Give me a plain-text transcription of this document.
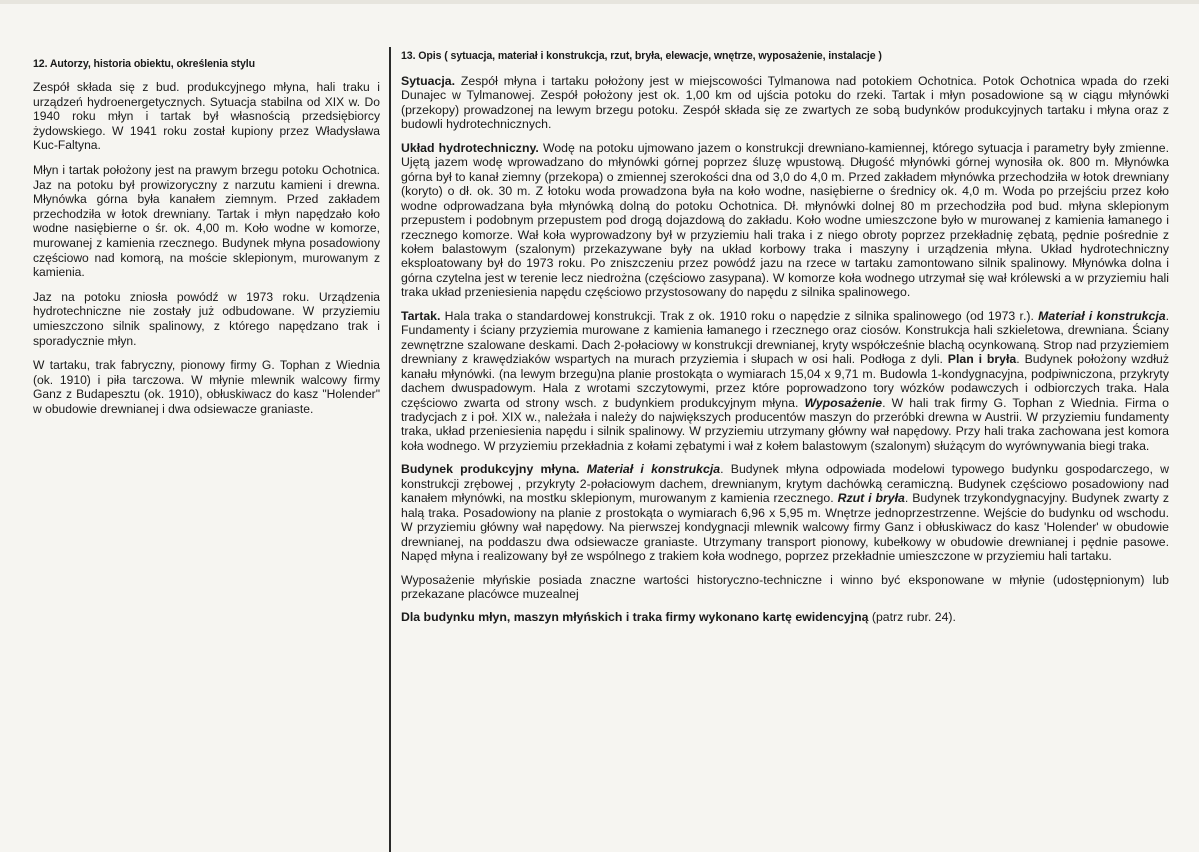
12. Autorzy, historia obiektu, określenia stylu

Zespół składa się z bud. produkcyjnego młyna, hali traku i urządzeń hydroenergetycznych. Sytuacja stabilna od XIX w. Do 1940 roku młyn i tartak był własnością przedsiębiorcy żydowskiego. W 1941 roku został kupiony przez Władysława Kuc-Faltyna.

Młyn i tartak położony jest na prawym brzegu potoku Ochotnica. Jaz na potoku był prowizoryczny z narzutu kamieni i drewna. Młynówka górna była kanałem ziemnym. Przed zakładem przechodziła w łotok drewniany. Tartak i młyn napędzało koło wodne nasiębierne o śr. ok. 4,00 m. Koło wodne w komorze, murowanej z kamienia rzecznego. Budynek młyna posadowiony częściowo nad komorą, na moście sklepionym, murowanym z kamienia.

Jaz na potoku zniosła powódź w 1973 roku. Urządzenia hydrotechniczne nie zostały już odbudowane. W przyziemiu umieszczono silnik spalinowy, z którego napędzano trak i sporadycznie młyn.

W tartaku, trak fabryczny, pionowy firmy G. Tophan z Wiednia (ok. 1910) i piła tarczowa. W młynie mlewnik walcowy firmy Ganz z Budapesztu (ok. 1910), obłuskiwacz do kasz "Holender" w obudowie drewnianej i dwa odsiewacze graniaste.

13. Opis ( sytuacja, materiał i konstrukcja, rzut, bryła, elewacje, wnętrze, wyposażenie, instalacje )

Sytuacja. Zespół młyna i tartaku położony jest w miejscowości Tylmanowa nad potokiem Ochotnica. Potok Ochotnica wpada do rzeki Dunajec w Tylmanowej. Zespół położony jest ok. 1,00 km od ujścia potoku do rzeki. Tartak i młyn posadowione są w ciągu młynówki (przekopy) prowadzonej na lewym brzegu potoku. Zespół składa się ze zwartych ze sobą budynków produkcyjnych tartaku i młyna oraz z budowli hydrotechnicznych.

Układ hydrotechniczny. Wodę na potoku ujmowano jazem o konstrukcji drewniano-kamiennej, którego sytuacja i parametry były zmienne. Ujętą jazem wodę wprowadzano do młynówki górnej poprzez śluzę wpustową. Długość młynówki górnej wynosiła ok. 800 m. Młynówka górna był to kanał ziemny (przekopa) o zmiennej szerokości dna od 3,0 do 4,0 m. Przed zakładem młynówka przechodziła w łotok drewniany (koryto) o dł. ok. 30 m. Z łotoku woda prowadzona była na koło wodne, nasiębierne o średnicy ok. 4,0 m. Woda po przejściu przez koło wodne odprowadzana była młynówką dolną do potoku Ochotnica. Dł. młynówki dolnej 80 m przechodziła pod bud. młyna sklepionym przepustem i podobnym przepustem pod drogą dojazdową do zakładu. Koło wodne umieszczone było w murowanej z kamienia łamanego i rzecznego komorze. Wał koła wyprowadzony był w przyziemiu hali traka i z niego obroty poprzez przekładnię zębatą, pędnie pośrednie z kołem balastowym (szalonym) przekazywane były na układ korbowy traka i maszyny i urządzenia młyna. Układ hydrotechniczny eksploatowany był do 1973 roku. Po zniszczeniu przez powódź jazu na rzece w tartaku zamontowano silnik spalinowy. Młynówka dolna i górna czytelna jest w terenie lecz niedrożna (częściowo zasypana). W komorze koła wodnego utrzymał się wał królewski a w przyziemiu hali traka układ przeniesienia napędu częściowo przystosowany do napędu z silnika spalinowego.

Tartak. Hala traka o standardowej konstrukcji. Trak z ok. 1910 roku o napędzie z silnika spalinowego (od 1973 r.). Materiał i konstrukcja. Fundamenty i ściany przyziemia murowane z kamienia łamanego i rzecznego oraz ciosów. Konstrukcja hali szkieletowa, drewniana. Ściany zewnętrzne szalowane deskami. Dach 2-połaciowy w konstrukcji drewnianej, kryty współcześnie blachą ocynkowaną. Strop nad przyziemiem drewniany z krawędziaków wspartych na murach przyziemia i słupach w osi hali. Podłoga z dyli. Plan i bryła. Budynek położony wzdłuż kanału młynówki. (na lewym brzegu)na planie prostokąta o wymiarach 15,04 x 9,71 m. Budowla 1-kondygnacyjna, podpiwniczona, przykryty dachem dwuspadowym. Hala z wrotami szczytowymi, przez które poprowadzono tory wózków podawczych i odbiorczych traka. Hala częściowo zwarta od strony wsch. z budynkiem produkcyjnym młyna. Wyposażenie. W hali trak firmy G. Tophan z Wiednia. Firma o tradycjach z i poł. XIX w., należała i należy do największych producentów maszyn do przeróbki drewna w Austrii. W przyziemiu fundamenty traka, układ przeniesienia napędu i silnik spalinowy. W przyziemiu utrzymany główny wał napędowy. Przy hali traka zachowana jest komora koła wodnego. W przyziemiu przekładnia z kołami zębatymi i wał z kołem balastowym (szalonym) służącym do wyrównywania biegi traka.

Budynek produkcyjny młyna. Materiał i konstrukcja. Budynek młyna odpowiada modelowi typowego budynku gospodarczego, w konstrukcji zrębowej , przykryty 2-połaciowym dachem, drewnianym, krytym dachówką ceramiczną. Budynek częściowo posadowiony nad kanałem młynówki, na mostku sklepionym, murowanym z kamienia rzecznego. Rzut i bryła. Budynek trzykondygnacyjny. Budynek zwarty z halą traka. Posadowiony na planie z prostokąta o wymiarach 6,96 x 5,95 m. Wnętrze jednoprzestrzenne. Wejście do budynku od wschodu. W przyziemiu główny wał napędowy. Na pierwszej kondygnacji mlewnik walcowy firmy Ganz i obłuskiwacz do kasz 'Holender' w obudowie drewnianej, na poddaszu dwa odsiewacze graniaste. Utrzymany transport pionowy, kubełkowy w obudowie drewnianej i pędnie pasowe. Napęd młyna i realizowany był ze wspólnego z trakiem koła wodnego, poprzez przekładnie umieszczone w przyziemiu hali tartaku.

Wyposażenie młyńskie posiada znaczne wartości historyczno-techniczne i winno być eksponowane w młynie (udostępnionym) lub przekazane placówce muzealnej

Dla budynku młyn, maszyn młyńskich i traka firmy wykonano kartę ewidencyjną (patrz rubr. 24).
